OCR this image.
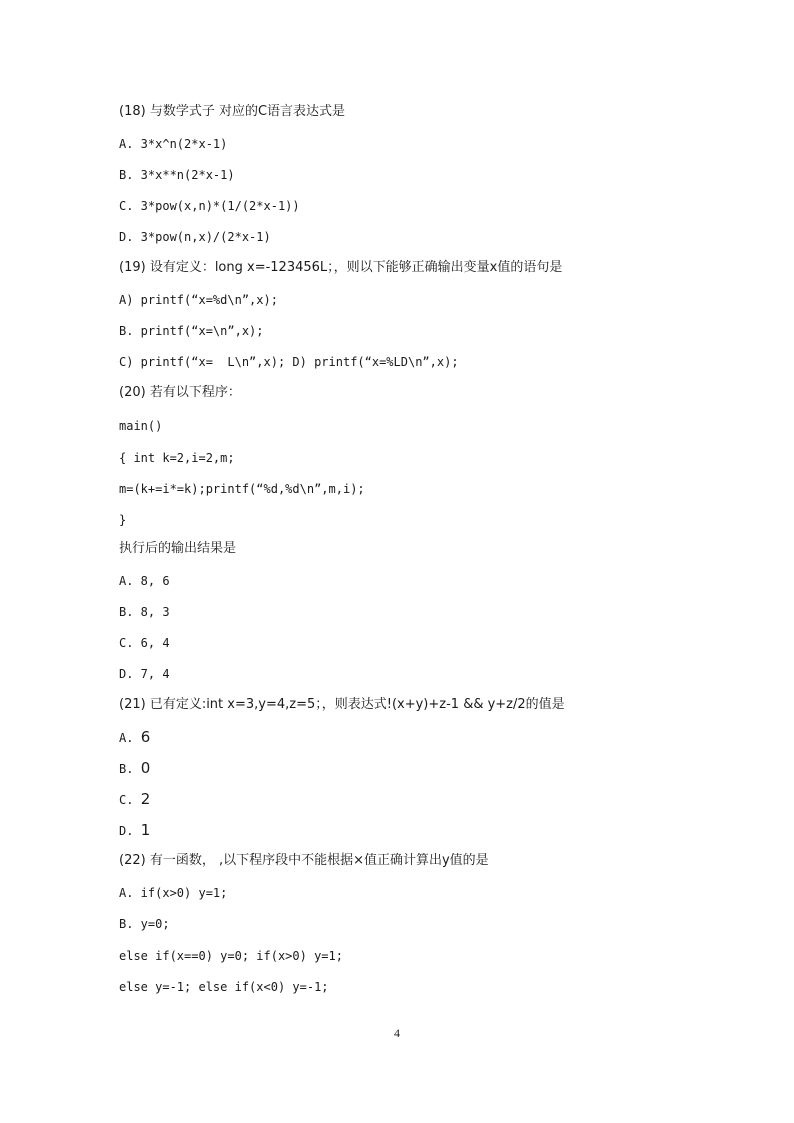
(18) 与数学式子 对应的C语言表达式是
A. 3*x^n(2*x-1)
B. 3*x**n(2*x-1)
C. 3*pow(x,n)*(1/(2*x-1))
D. 3*pow(n,x)/(2*x-1)
(19) 设有定义：long x=-123456L；，则以下能够正确输出变量x值的语句是
A) printf(“x=%d\n”,x);
B. printf(“x=\n”,x);
C) printf(“x=  L\n”,x); D) printf(“x=%LD\n”,x);
(20) 若有以下程序：
main()
{ int k=2,i=2,m;
m=(k+=i*=k);printf(“%d,%d\n”,m,i);
}
执行后的输出结果是
A. 8, 6
B. 8, 3
C. 6, 4
D. 7, 4
(21) 已有定义:int x=3,y=4,z=5；，则表达式!(x+y)+z-1 && y+z/2的值是
A. 6
B. 0
C. 2
D. 1
(22) 有一函数， ,以下程序段中不能根据×值正确计算出y值的是
A. if(x>0) y=1;
B. y=0;
else if(x==0) y=0; if(x>0) y=1;
else y=-1; else if(x<0) y=-1;
4
